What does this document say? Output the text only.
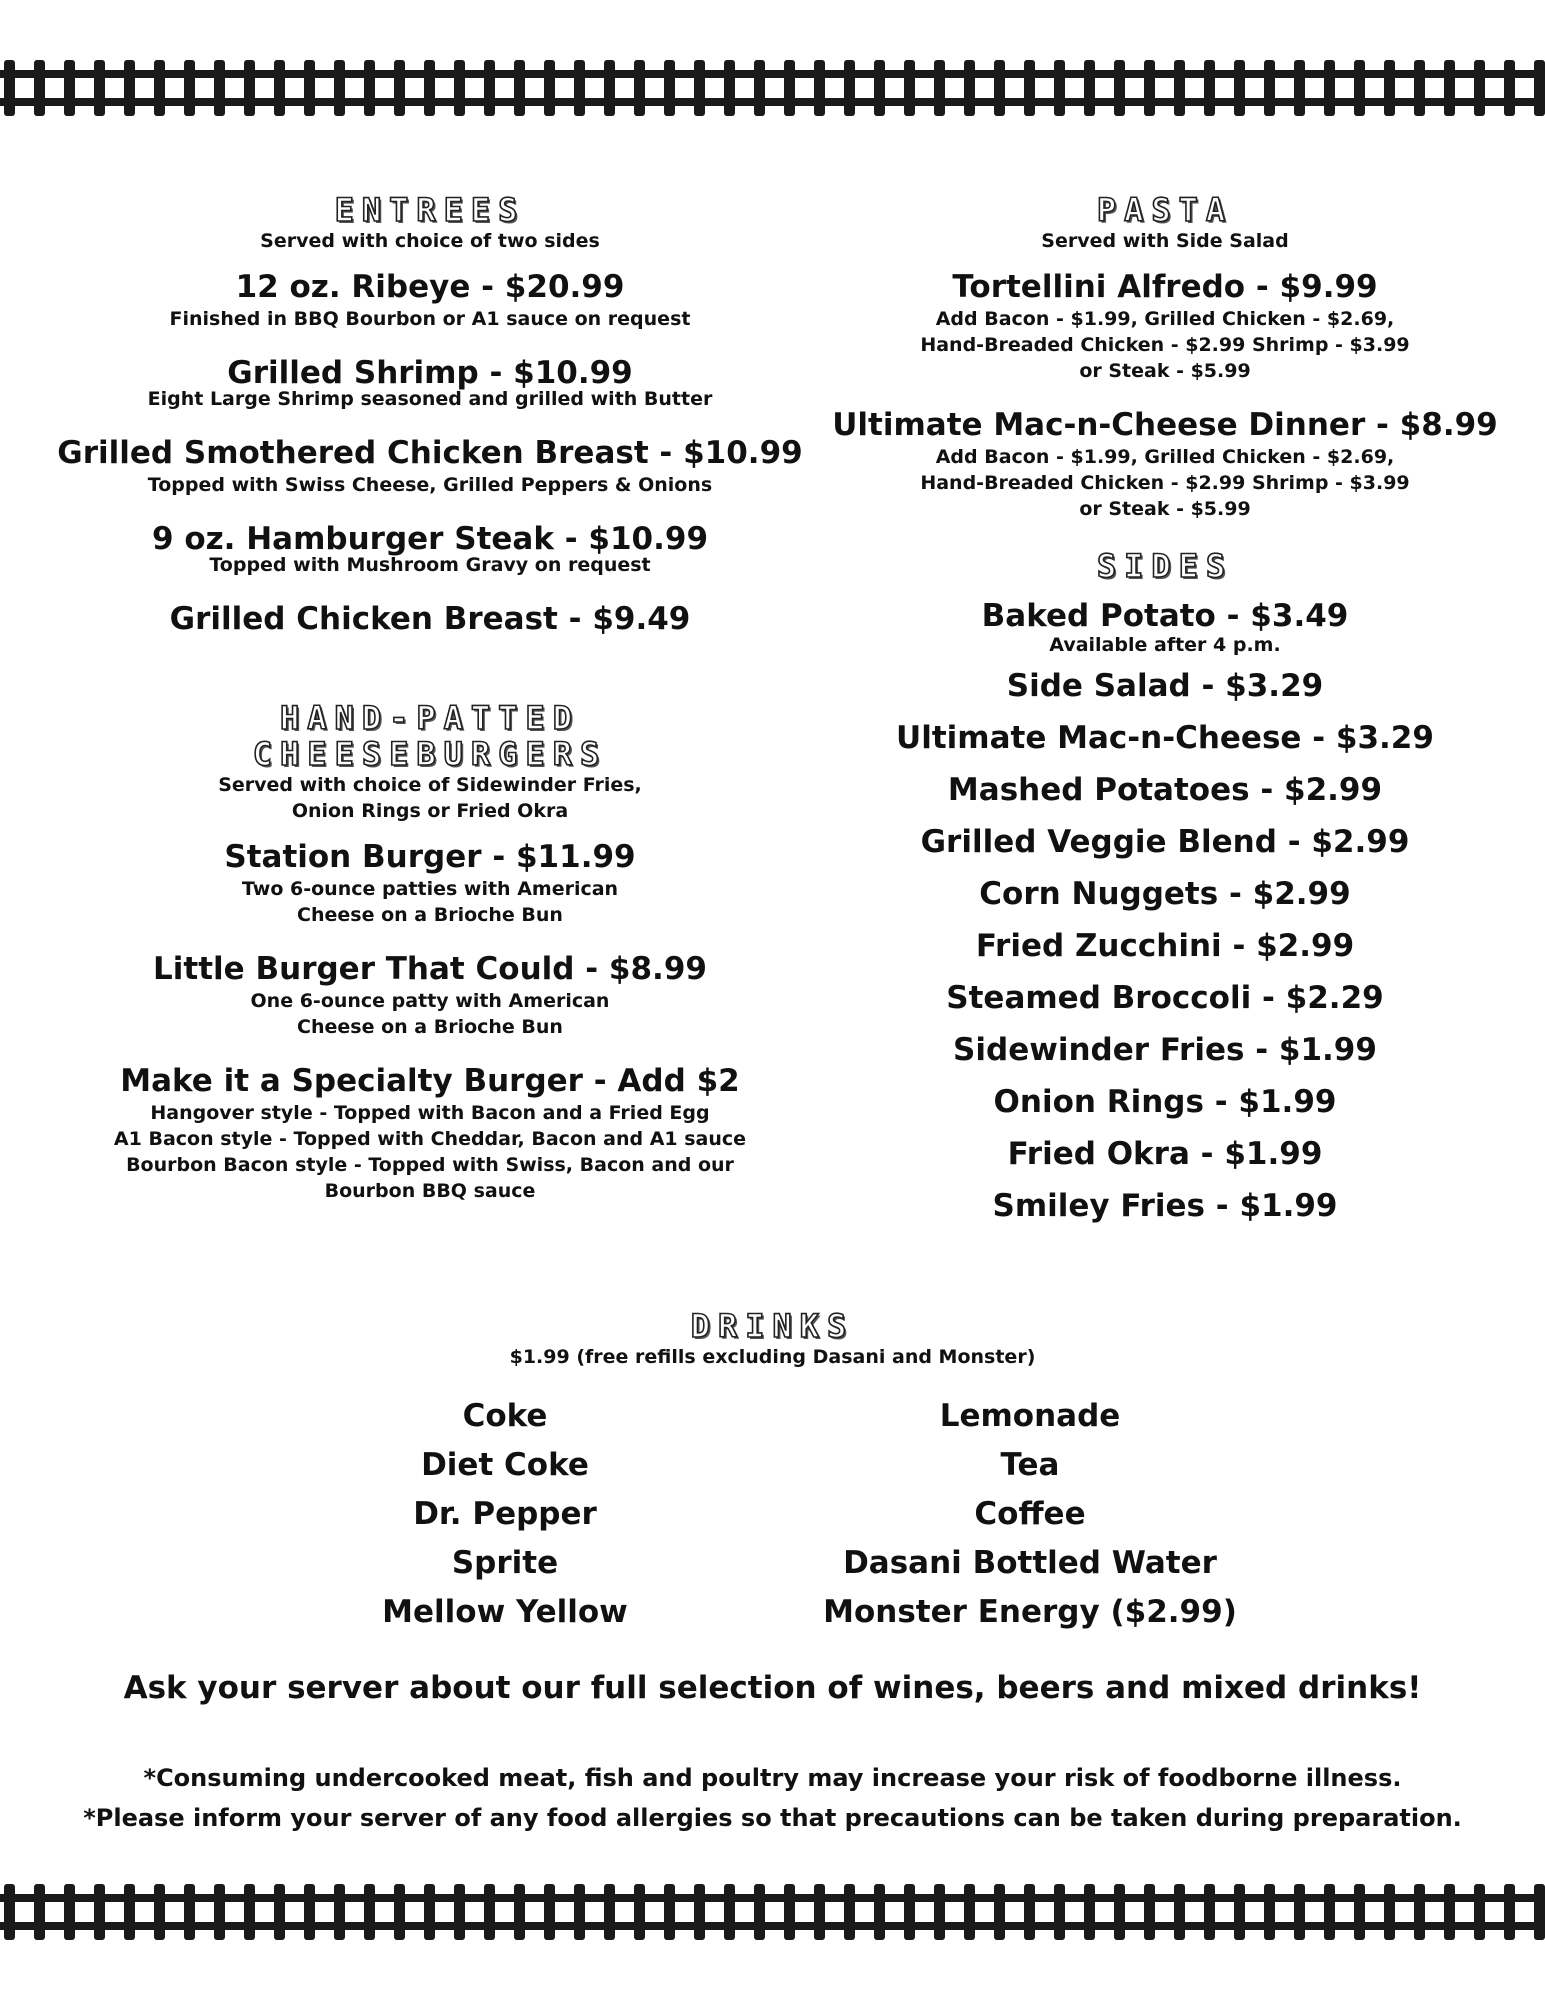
ENTREES
Served with choice of two sides
12 oz. Ribeye - $20.99
Finished in BBQ Bourbon or A1 sauce on request
Grilled Shrimp - $10.99
Eight Large Shrimp seasoned and grilled with Butter
Grilled Smothered Chicken Breast - $10.99
Topped with Swiss Cheese, Grilled Peppers & Onions
9 oz. Hamburger Steak - $10.99
Topped with Mushroom Gravy on request
Grilled Chicken Breast - $9.49
HAND-PATTED
CHEESEBURGERS
Served with choice of Sidewinder Fries,
Onion Rings or Fried Okra
Station Burger - $11.99
Two 6-ounce patties with American
Cheese on a Brioche Bun
Little Burger That Could - $8.99
One 6-ounce patty with American
Cheese on a Brioche Bun
Make it a Specialty Burger - Add $2
Hangover style - Topped with Bacon and a Fried Egg
A1 Bacon style - Topped with Cheddar, Bacon and A1 sauce
Bourbon Bacon style - Topped with Swiss, Bacon and our
Bourbon BBQ sauce
PASTA
Served with Side Salad
Tortellini Alfredo - $9.99
Add Bacon - $1.99, Grilled Chicken - $2.69,
Hand-Breaded Chicken - $2.99 Shrimp - $3.99
or Steak - $5.99
Ultimate Mac-n-Cheese Dinner - $8.99
Add Bacon - $1.99, Grilled Chicken - $2.69,
Hand-Breaded Chicken - $2.99 Shrimp - $3.99
or Steak - $5.99
SIDES
Baked Potato - $3.49
Available after 4 p.m.
Side Salad - $3.29
Ultimate Mac-n-Cheese - $3.29
Mashed Potatoes - $2.99
Grilled Veggie Blend - $2.99
Corn Nuggets - $2.99
Fried Zucchini - $2.99
Steamed Broccoli - $2.29
Sidewinder Fries - $1.99
Onion Rings - $1.99
Fried Okra - $1.99
Smiley Fries - $1.99
DRINKS
$1.99 (free refills excluding Dasani and Monster)
Coke
Diet Coke
Dr. Pepper
Sprite
Mellow Yellow
Lemonade
Tea
Coffee
Dasani Bottled Water
Monster Energy ($2.99)
Ask your server about our full selection of wines, beers and mixed drinks!
*Consuming undercooked meat, fish and poultry may increase your risk of foodborne illness.
*Please inform your server of any food allergies so that precautions can be taken during preparation.
